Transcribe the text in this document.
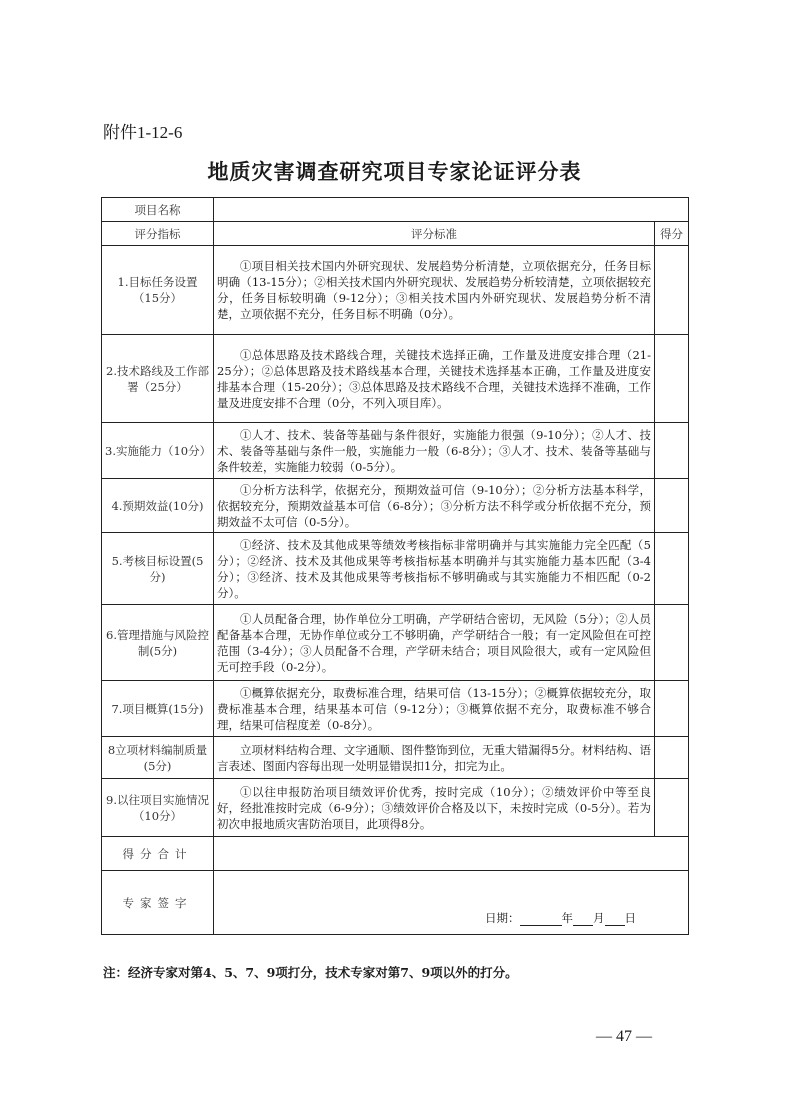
附件1-12-6
地质灾害调查研究项目专家论证评分表
项目名称		
评分指标	评分标准	得分
1.目标任务设置（15分）	①项目相关技术国内外研究现状、发展趋势分析清楚，立项依据充分，任务目标明确（13-15分）；②相关技术国内外研究现状、发展趋势分析较清楚，立项依据较充分，任务目标较明确（9-12分）；③相关技术国内外研究现状、发展趋势分析不清楚，立项依据不充分，任务目标不明确（0分）。	
2.技术路线及工作部署（25分）	①总体思路及技术路线合理，关键技术选择正确，工作量及进度安排合理（21-25分）；②总体思路及技术路线基本合理，关键技术选择基本正确，工作量及进度安排基本合理（15-20分）；③总体思路及技术路线不合理，关键技术选择不准确，工作量及进度安排不合理（0分，不列入项目库）。	
3.实施能力（10分）	①人才、技术、装备等基础与条件很好，实施能力很强（9-10分）；②人才、技术、装备等基础与条件一般，实施能力一般（6-8分）；③人才、技术、装备等基础与条件较差，实施能力较弱（0-5分）。	
4.预期效益(10分)	①分析方法科学，依据充分，预期效益可信（9-10分）；②分析方法基本科学，依据较充分，预期效益基本可信（6-8分）；③分析方法不科学或分析依据不充分，预期效益不太可信（0-5分）。	
5.考核目标设置(5分)	①经济、技术及其他成果等绩效考核指标非常明确并与其实施能力完全匹配（5分）；②经济、技术及其他成果等考核指标基本明确并与其实施能力基本匹配（3-4分）；③经济、技术及其他成果等考核指标不够明确或与其实施能力不相匹配（0-2分）。	
6.管理措施与风险控制(5分)	①人员配备合理，协作单位分工明确，产学研结合密切，无风险（5分）；②人员配备基本合理，无协作单位或分工不够明确，产学研结合一般；有一定风险但在可控范围（3-4分）；③人员配备不合理，产学研未结合；项目风险很大，或有一定风险但无可控手段（0-2分）。	
7.项目概算(15分)	①概算依据充分，取费标准合理，结果可信（13-15分）；②概算依据较充分，取费标准基本合理，结果基本可信（9-12分）；③概算依据不充分，取费标准不够合理，结果可信程度差（0-8分）。	
8立项材料编制质量(5分)	立项材料结构合理、文字通顺、图件整饰到位，无重大错漏得5分。材料结构、语言表述、图面内容每出现一处明显错误扣1分，扣完为止。	
9.以往项目实施情况（10分）	①以往申报防治项目绩效评价优秀，按时完成（10分）；②绩效评价中等至良好，经批准按时完成（6-9分）；③绩效评价合格及以下，未按时完成（0-5分）。若为初次申报地质灾害防治项目，此项得8分。	
得分合计		
专家签字	日期： 年 月 日	
注：经济专家对第4、5、7、9项打分，技术专家对第7、9项以外的打分。
— 47 —
